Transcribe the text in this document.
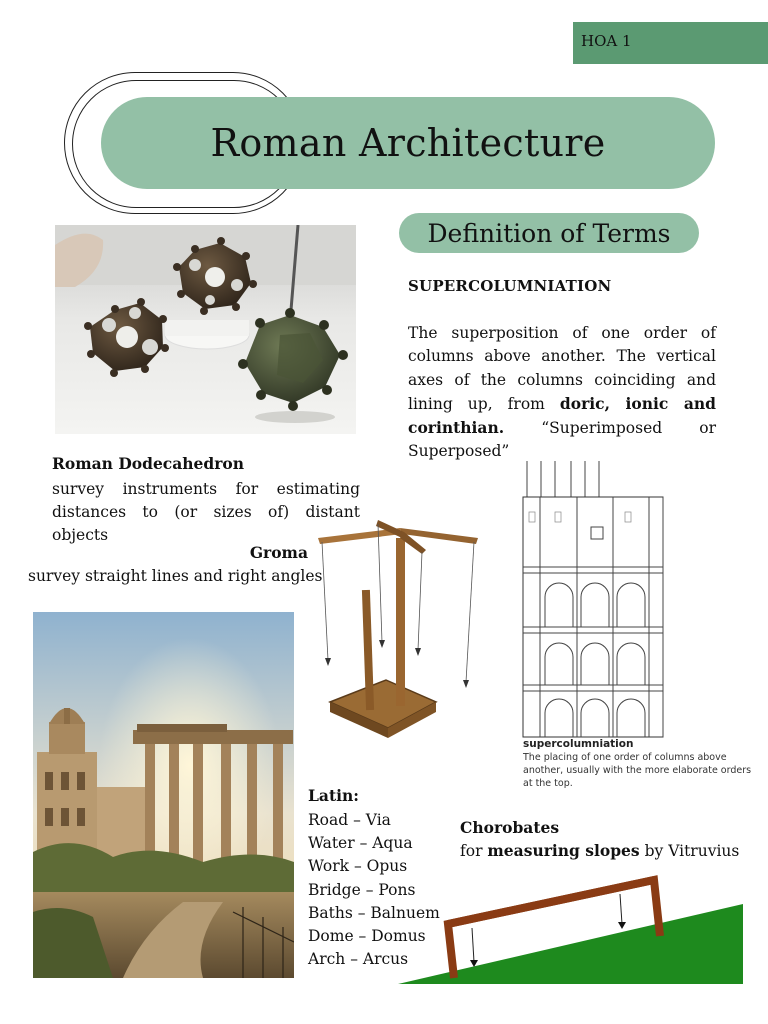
HOA 1
Roman Architecture
Definition of Terms
SUPERCOLUMNIATION
The superposition of one order of columns above another. The vertical axes of the columns coinciding and lining up, from doric, ionic and corinthian. “Superimposed or Superposed”
Roman Dodecahedron
survey instruments for estimating distances to (or sizes of) distant objects
Groma
survey straight lines and right angles
supercolumniation
The placing of one order of columns above another, usually with the more elaborate orders at the top.
Latin:
Road – Via
Water – Aqua
Work – Opus
Bridge – Pons
Baths – Balnuem
Dome – Domus
Arch – Arcus
Chorobates
for measuring slopes by Vitruvius
